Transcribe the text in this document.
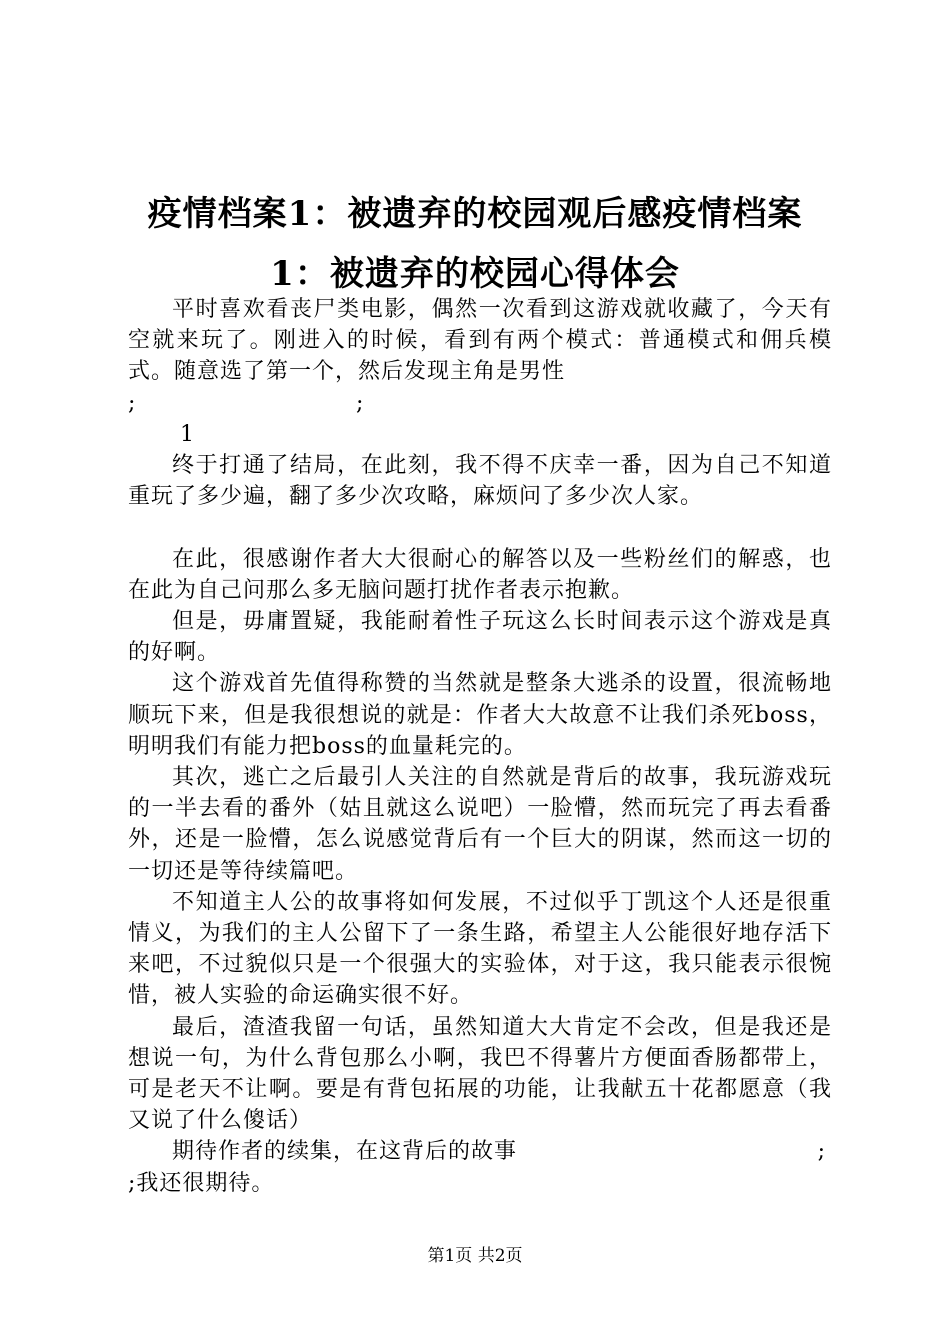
疫情档案1：被遗弃的校园观后感疫情档案
1：被遗弃的校园心得体会

平时喜欢看丧尸类电影，偶然一次看到这游戏就收藏了，今天有空就来玩了。刚进入的时候，看到有两个模式：普通模式和佣兵模式。随意选了第一个，然后发现主角是男性

;	;
1

终于打通了结局，在此刻，我不得不庆幸一番，因为自己不知道重玩了多少遍，翻了多少次攻略，麻烦问了多少次人家。

在此，很感谢作者大大很耐心的解答以及一些粉丝们的解惑，也在此为自己问那么多无脑问题打扰作者表示抱歉。

但是，毋庸置疑，我能耐着性子玩这么长时间表示这个游戏是真的好啊。

这个游戏首先值得称赞的当然就是整条大逃杀的设置，很流畅地顺玩下来，但是我很想说的就是：作者大大故意不让我们杀死boss，明明我们有能力把boss的血量耗完的。

其次，逃亡之后最引人关注的自然就是背后的故事，我玩游戏玩的一半去看的番外（姑且就这么说吧）一脸懵，然而玩完了再去看番外，还是一脸懵，怎么说感觉背后有一个巨大的阴谋，然而这一切的一切还是等待续篇吧。

不知道主人公的故事将如何发展，不过似乎丁凯这个人还是很重情义，为我们的主人公留下了一条生路，希望主人公能很好地存活下来吧，不过貌似只是一个很强大的实验体，对于这，我只能表示很惋惜，被人实验的命运确实很不好。

最后，渣渣我留一句话，虽然知道大大肯定不会改，但是我还是想说一句，为什么背包那么小啊，我巴不得薯片方便面香肠都带上，可是老天不让啊。要是有背包拓展的功能，让我献五十花都愿意（我又说了什么傻话）

期待作者的续集，在这背后的故事	;

;我还很期待。

第1页 共2页
